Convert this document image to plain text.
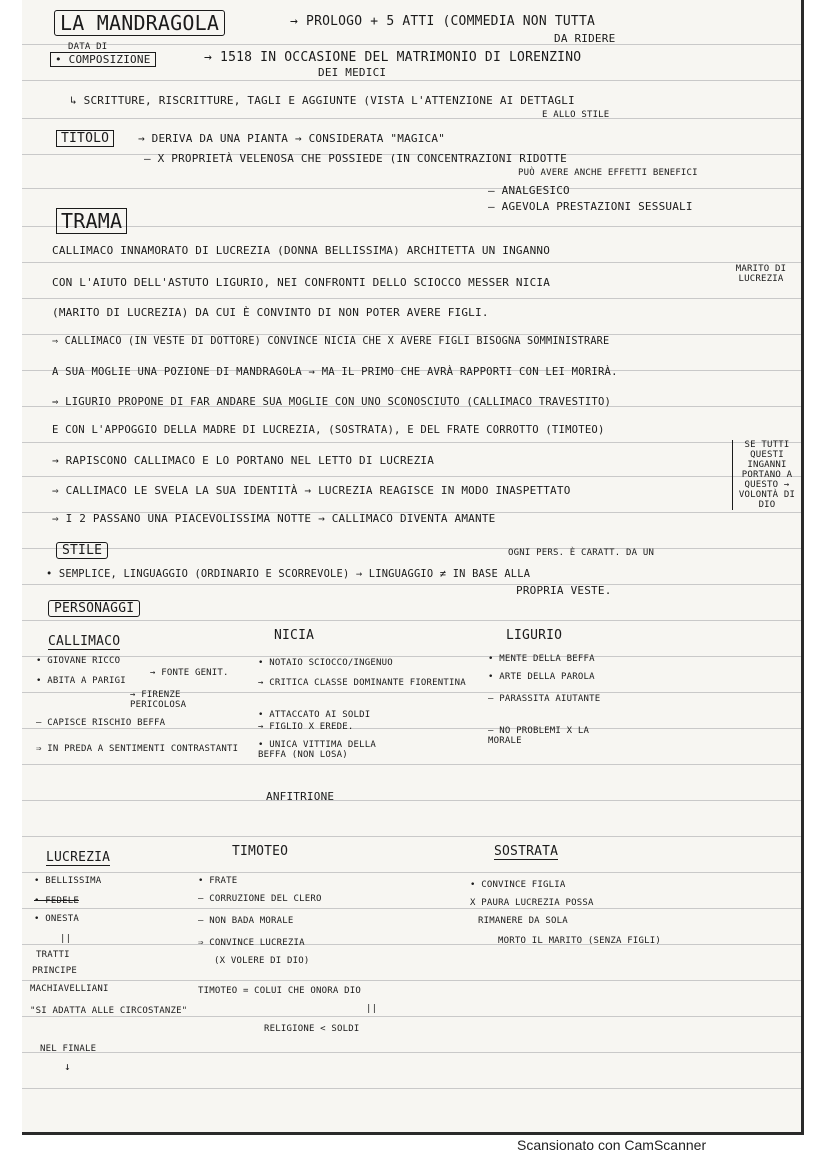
LA MANDRAGOLA	→ PROLOGO + 5 ATTI (COMMEDIA NON TUTTA
DA RIDERE
DATA DI
• COMPOSIZIONE	→ 1518 IN OCCASIONE DEL MATRIMONIO DI LORENZINO
DEI MEDICI
↳ SCRITTURE, RISCRITTURE, TAGLI E AGGIUNTE (VISTA L'ATTENZIONE AI DETTAGLI
E ALLO STILE
TITOLO	→ DERIVA DA UNA PIANTA → CONSIDERATA "MAGICA"
– X PROPRIETÀ VELENOSA CHE POSSIEDE (IN CONCENTRAZIONI RIDOTTE
PUÒ AVERE ANCHE EFFETTI BENEFICI
– ANALGESICO
– AGEVOLA PRESTAZIONI SESSUALI
TRAMA
CALLIMACO INNAMORATO DI LUCREZIA (DONNA BELLISSIMA) ARCHITETTA UN INGANNO
CON L'AIUTO DELL'ASTUTO LIGURIO, NEI CONFRONTI DELLO SCIOCCO MESSER NICIA
MARITO DI LUCREZIA
(MARITO DI LUCREZIA) DA CUI È CONVINTO DI NON POTER AVERE FIGLI.
⇒ CALLIMACO (IN VESTE DI DOTTORE) CONVINCE NICIA CHE X AVERE FIGLI BISOGNA SOMMINISTRARE
A SUA MOGLIE UNA POZIONE DI MANDRAGOLA → MA IL PRIMO CHE AVRÀ RAPPORTI CON LEI MORIRÀ.
⇒ LIGURIO PROPONE DI FAR ANDARE SUA MOGLIE CON UNO SCONOSCIUTO (CALLIMACO TRAVESTITO)
E CON L'APPOGGIO DELLA MADRE DI LUCREZIA, (SOSTRATA), E DEL FRATE CORROTTO (TIMOTEO)
→ RAPISCONO CALLIMACO E LO PORTANO NEL LETTO DI LUCREZIA
⇒ CALLIMACO LE SVELA LA SUA IDENTITÀ → LUCREZIA REAGISCE IN MODO INASPETTATO
⇒ I 2 PASSANO UNA PIACEVOLISSIMA NOTTE → CALLIMACO DIVENTA AMANTE
SE TUTTI QUESTI INGANNI PORTANO A QUESTO → VOLONTÀ DI DIO
STILE	OGNI PERS. È CARATT. DA UN
• SEMPLICE, LINGUAGGIO (ORDINARIO E SCORREVOLE) → LINGUAGGIO ≠ IN BASE ALLA
PROPRIA VESTE.
PERSONAGGI
CALLIMACO
• GIOVANE RICCO
• ABITA A PARIGI
→ FONTE GENIT.
→ FIRENZE PERICOLOSA
– CAPISCE RISCHIO BEFFA
⇒ IN PREDA A SENTIMENTI CONTRASTANTI
NICIA
• NOTAIO SCIOCCO/INGENUO
→ CRITICA CLASSE DOMINANTE FIORENTINA
• ATTACCATO AI SOLDI
→ FIGLIO X EREDE.
• UNICA VITTIMA DELLA BEFFA (NON LOSA)
ANFITRIONE
LIGURIO
• MENTE DELLA BEFFA
• ARTE DELLA PAROLA
– PARASSITA AIUTANTE
– NO PROBLEMI X LA MORALE
LUCREZIA
• BELLISSIMA
• FEDELE
• ONESTA
||
TRATTI
PRINCIPE
MACHIAVELLIANI
"SI ADATTA ALLE CIRCOSTANZE"
NEL FINALE
↓
TIMOTEO
• FRATE
– CORRUZIONE DEL CLERO
– NON BADA MORALE
⇒ CONVINCE LUCREZIA
(X VOLERE DI DIO)
TIMOTEO = COLUI CHE ONORA DIO
||
RELIGIONE < SOLDI
SOSTRATA
• CONVINCE FIGLIA
X PAURA LUCREZIA POSSA
RIMANERE DA SOLA
MORTO IL MARITO (SENZA FIGLI)
Scansionato con CamScanner
